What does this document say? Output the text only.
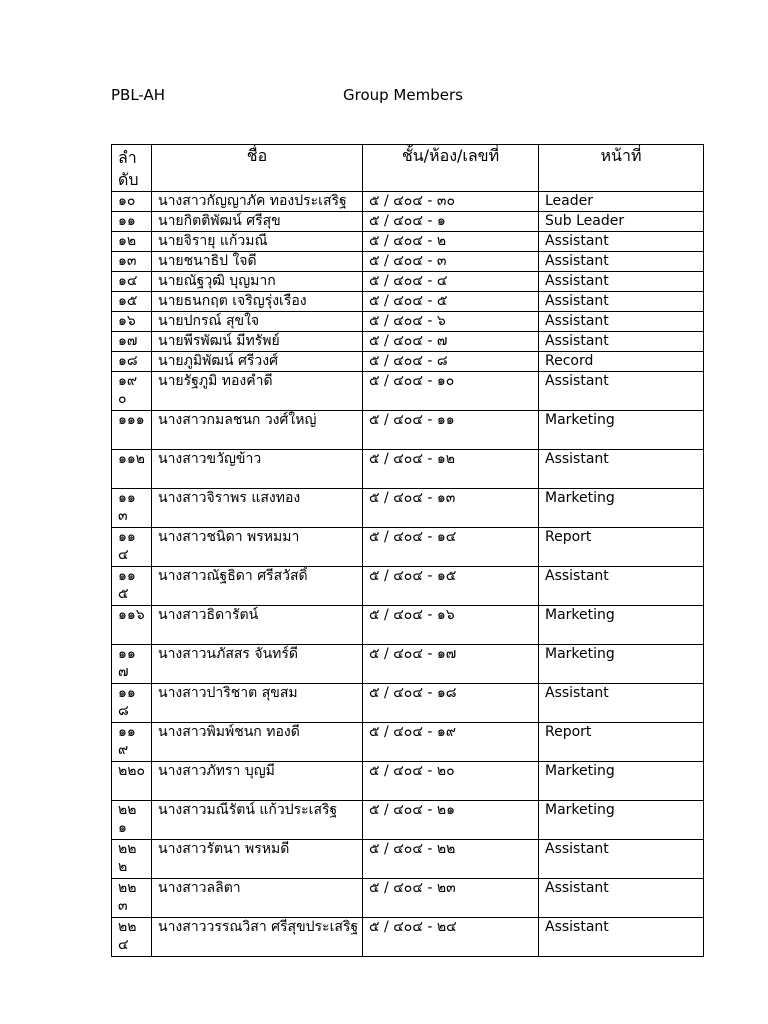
PBL-AH	Group Members
ลำ ดับ	ชื่อ	ชั้น/ห้อง/เลขที่	หน้าที่
๑๐	นางสาวกัญญาภัค ทองประเสริฐ	๕ / ๔๐๔ - ๓๐	Leader
๑๑	นายกิตติพัฒน์ ศรีสุข	๕ / ๔๐๔ - ๑	Sub Leader
๑๒	นายจิรายุ แก้วมณี	๕ / ๔๐๔ - ๒	Assistant
๑๓	นายชนาธิป ใจดี	๕ / ๔๐๔ - ๓	Assistant
๑๔	นายณัฐวุฒิ บุญมาก	๕ / ๔๐๔ - ๔	Assistant
๑๕	นายธนกฤต เจริญรุ่งเรือง	๕ / ๔๐๔ - ๕	Assistant
๑๖	นายปกรณ์ สุขใจ	๕ / ๔๐๔ - ๖	Assistant
๑๗	นายพีรพัฒน์ มีทรัพย์	๕ / ๔๐๔ - ๗	Assistant
๑๘	นายภูมิพัฒน์ ศรีวงศ์	๕ / ๔๐๔ - ๘	Record
๑๙๐	นายรัฐภูมิ ทองคำดี	๕ / ๔๐๔ - ๑๐	Assistant
๑๑๑	นางสาวกมลชนก วงศ์ใหญ่	๕ / ๔๐๔ - ๑๑	Marketing
๑๑๒	นางสาวขวัญข้าว	๕ / ๔๐๔ - ๑๒	Assistant
๑๑๓	นางสาวจิราพร แสงทอง	๕ / ๔๐๔ - ๑๓	Marketing
๑๑๔	นางสาวชนิดา พรหมมา	๕ / ๔๐๔ - ๑๔	Report
๑๑๕	นางสาวณัฐธิดา ศรีสวัสดิ์	๕ / ๔๐๔ - ๑๕	Assistant
๑๑๖	นางสาวธิดารัตน์	๕ / ๔๐๔ - ๑๖	Marketing
๑๑๗	นางสาวนภัสสร จันทร์ดี	๕ / ๔๐๔ - ๑๗	Marketing
๑๑๘	นางสาวปาริชาต สุขสม	๕ / ๔๐๔ - ๑๘	Assistant
๑๑๙	นางสาวพิมพ์ชนก ทองดี	๕ / ๔๐๔ - ๑๙	Report
๒๒๐	นางสาวภัทรา บุญมี	๕ / ๔๐๔ - ๒๐	Marketing
๒๒๑	นางสาวมณีรัตน์ แก้วประเสริฐ	๕ / ๔๐๔ - ๒๑	Marketing
๒๒๒	นางสาวรัตนา พรหมดี	๕ / ๔๐๔ - ๒๒	Assistant
๒๒๓	นางสาวลลิตา	๕ / ๔๐๔ - ๒๓	Assistant
๒๒๔	นางสาววรรณวิสา ศรีสุขประเสริฐ	๕ / ๔๐๔ - ๒๔	Assistant
